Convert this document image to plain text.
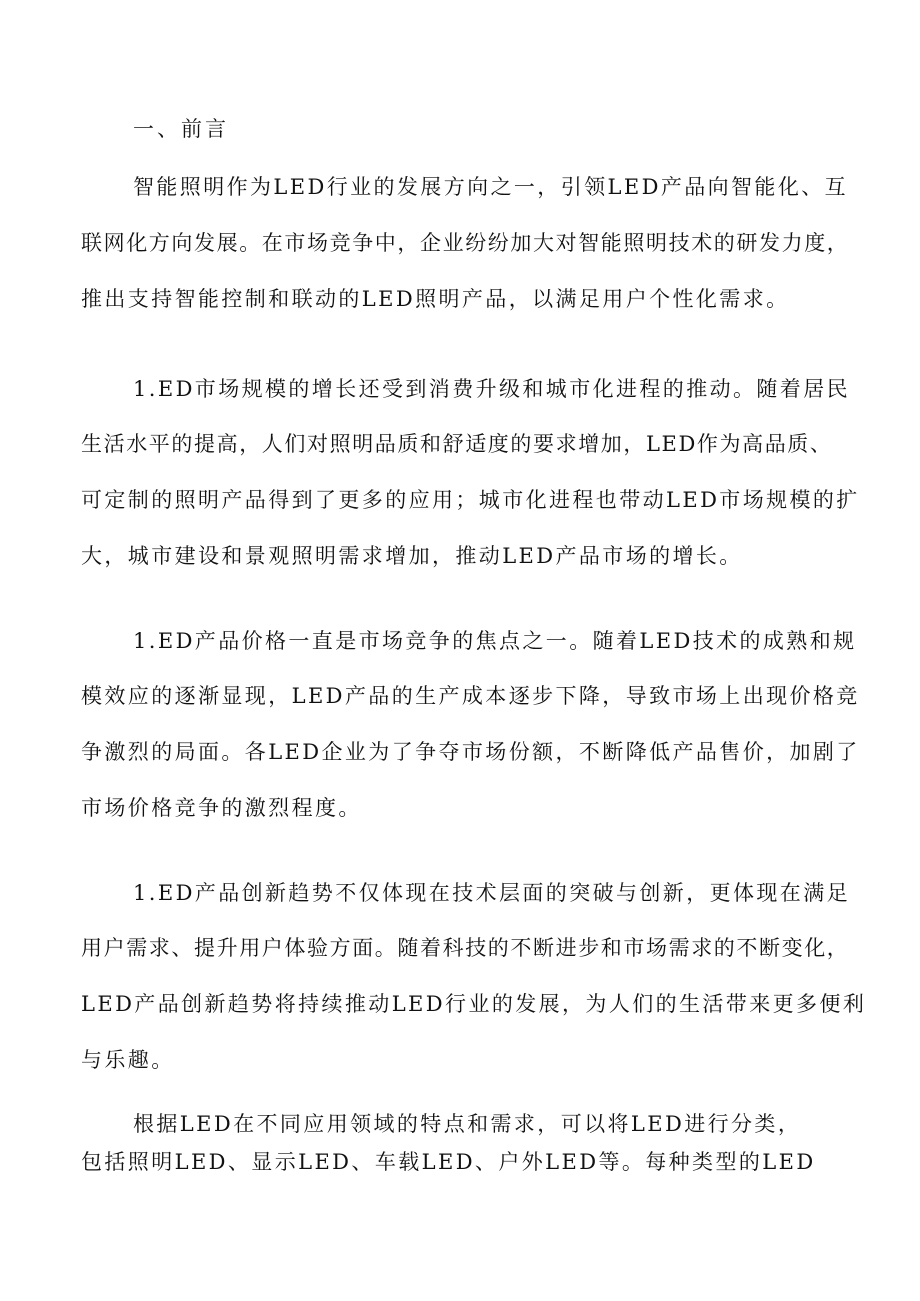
一、前言
智能照明作为LED行业的发展方向之一，引领LED产品向智能化、互
联网化方向发展。在市场竞争中，企业纷纷加大对智能照明技术的研发力度，
推出支持智能控制和联动的LED照明产品，以满足用户个性化需求。
1.ED市场规模的增长还受到消费升级和城市化进程的推动。随着居民
生活水平的提高，人们对照明品质和舒适度的要求增加，LED作为高品质、
可定制的照明产品得到了更多的应用；城市化进程也带动LED市场规模的扩
大，城市建设和景观照明需求增加，推动LED产品市场的增长。
1.ED产品价格一直是市场竞争的焦点之一。随着LED技术的成熟和规
模效应的逐渐显现，LED产品的生产成本逐步下降，导致市场上出现价格竞
争激烈的局面。各LED企业为了争夺市场份额，不断降低产品售价，加剧了
市场价格竞争的激烈程度。
1.ED产品创新趋势不仅体现在技术层面的突破与创新，更体现在满足
用户需求、提升用户体验方面。随着科技的不断进步和市场需求的不断变化，
LED产品创新趋势将持续推动LED行业的发展，为人们的生活带来更多便利
与乐趣。
根据LED在不同应用领域的特点和需求，可以将LED进行分类，
包括照明LED、显示LED、车载LED、户外LED等。每种类型的LED
